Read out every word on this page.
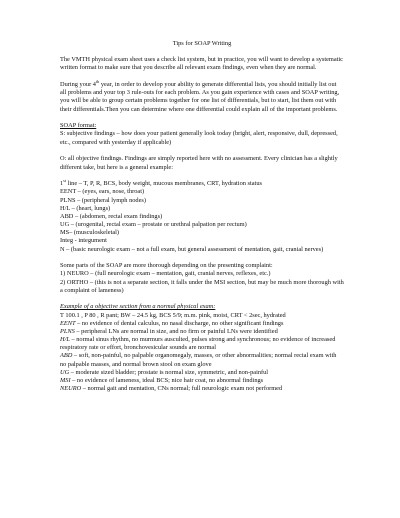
Tips for SOAP Writing

The VMTH physical exam sheet uses a check list system, but in practice, you will want to develop a systematic written format to make sure that you describe all relevant exam findings, even when they are normal.

During your 4th year, in order to develop your ability to generate differential lists, you should initially list out all problems and your top 3 rule-outs for each problem. As you gain experience with cases and SOAP writing, you will be able to group certain problems together for one list of differentials, but to start, list them out with their differentials.Then you can determine where one differential could explain all of the important problems.

SOAP format:
S: subjective findings – how does your patient generally look today (bright, alert, responsive, dull, depressed, etc., compared with yesterday if applicable)

O: all objective findings. Findings are simply reported here with no assessment. Every clinician has a slightly different take, but here is a general example:

1st line – T, P, R, BCS, body weight, mucous membranes, CRT, hydration status
EENT – (eyes, ears, nose, throat)
PLNS – (peripheral lymph nodes)
H/L – (heart, lungs)
ABD – (abdomen, rectal exam findings)
UG – (urogenital, rectal exam – prostate or urethral palpation per rectum)
MS– (musculoskeletal)
Integ - integument
N – (basic neurologic exam – not a full exam, but general assessment of mentation, gait, cranial nerves)
Some parts of the SOAP are more thorough depending on the presenting complaint:
1) NEURO – (full neurologic exam – mentation, gait, cranial nerves, reflexes, etc.)
2) ORTHO – (this is not a separate section, it falls under the MSI section, but may be much more thorough with a complaint of lameness)
Example of a objective section from a normal physical exam:
T 100.1 , P 80 , R pant; BW – 24.5 kg, BCS 5/9; m.m. pink, moist, CRT < 2sec, hydrated
EENT – no evidence of dental calculus, no nasal discharge, no other significant findings
PLNS – peripheral LNs are normal in size, and no firm or painful LNs were identified
H/L – normal sinus rhythm, no murmurs ausculted, pulses strong and synchronous; no evidence of increased respiratory rate or effort, bronchovesicular sounds are normal
ABD – soft, non-painful, no palpable organomegaly, masses, or other abnormalities; normal rectal exam with no palpable masses, and normal brown stool on exam glove
UG – moderate sized bladder; prostate is normal size, symmetric, and non-painful
MSI – no evidence of lameness, ideal BCS; nice hair coat, no abnormal findings
NEURO – normal gait and mentation, CNs normal; full neurologic exam not performed
